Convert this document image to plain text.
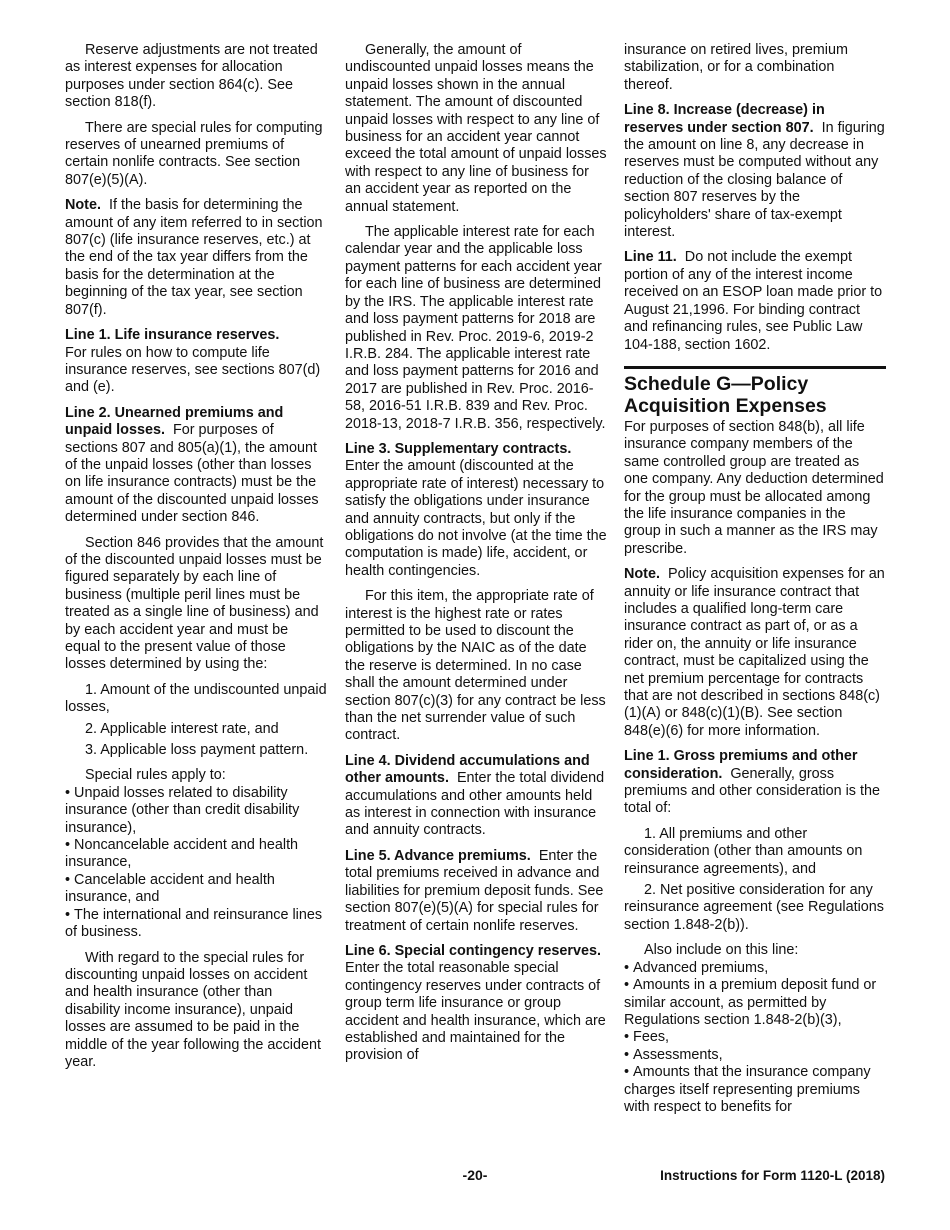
Reserve adjustments are not treated as interest expenses for allocation purposes under section 864(c). See section 818(f).

There are special rules for computing reserves of unearned premiums of certain nonlife contracts. See section 807(e)(5)(A).

Note. If the basis for determining the amount of any item referred to in section 807(c) (life insurance reserves, etc.) at the end of the tax year differs from the basis for the determination at the beginning of the tax year, see section 807(f).

Line 1. Life insurance reserves.
For rules on how to compute life insurance reserves, see sections 807(d) and (e).

Line 2. Unearned premiums and unpaid losses. For purposes of sections 807 and 805(a)(1), the amount of the unpaid losses (other than losses on life insurance contracts) must be the amount of the discounted unpaid losses determined under section 846.

Section 846 provides that the amount of the discounted unpaid losses must be figured separately by each line of business (multiple peril lines must be treated as a single line of business) and by each accident year and must be equal to the present value of those losses determined by using the:

1. Amount of the undiscounted unpaid losses,

2. Applicable interest rate, and

3. Applicable loss payment pattern.

Special rules apply to:

• Unpaid losses related to disability insurance (other than credit disability insurance),
• Noncancelable accident and health insurance,
• Cancelable accident and health insurance, and
• The international and reinsurance lines of business.

With regard to the special rules for discounting unpaid losses on accident and health insurance (other than disability income insurance), unpaid losses are assumed to be paid in the middle of the year following the accident year.

Generally, the amount of undiscounted unpaid losses means the unpaid losses shown in the annual statement. The amount of discounted unpaid losses with respect to any line of business for an accident year cannot exceed the total amount of unpaid losses with respect to any line of business for an accident year as reported on the annual statement.

The applicable interest rate for each calendar year and the applicable loss payment patterns for each accident year for each line of business are determined by the IRS. The applicable interest rate and loss payment patterns for 2018 are published in Rev. Proc. 2019-6, 2019-2 I.R.B. 284. The applicable interest rate and loss payment patterns for 2016 and 2017 are published in Rev. Proc. 2016-58, 2016-51 I.R.B. 839 and Rev. Proc. 2018-13, 2018-7 I.R.B. 356, respectively.

Line 3. Supplementary contracts. Enter the amount (discounted at the appropriate rate of interest) necessary to satisfy the obligations under insurance and annuity contracts, but only if the obligations do not involve (at the time the computation is made) life, accident, or health contingencies.

For this item, the appropriate rate of interest is the highest rate or rates permitted to be used to discount the obligations by the NAIC as of the date the reserve is determined. In no case shall the amount determined under section 807(c)(3) for any contract be less than the net surrender value of such contract.

Line 4. Dividend accumulations and other amounts. Enter the total dividend accumulations and other amounts held as interest in connection with insurance and annuity contracts.

Line 5. Advance premiums. Enter the total premiums received in advance and liabilities for premium deposit funds. See section 807(e)(5)(A) for special rules for treatment of certain nonlife reserves.

Line 6. Special contingency reserves.  Enter the total reasonable special contingency reserves under contracts of group term life insurance or group accident and health insurance, which are established and maintained for the provision of

insurance on retired lives, premium stabilization, or for a combination thereof.

Line 8. Increase (decrease) in reserves under section 807. In figuring the amount on line 8, any decrease in reserves must be computed without any reduction of the closing balance of section 807 reserves by the policyholders' share of tax-exempt interest.

Line 11. Do not include the exempt portion of any of the interest income received on an ESOP loan made prior to August 21,1996. For binding contract and refinancing rules, see Public Law 104-188, section 1602.

Schedule G—Policy Acquisition Expenses

For purposes of section 848(b), all life insurance company members of the same controlled group are treated as one company. Any deduction determined for the group must be allocated among the life insurance companies in the group in such a manner as the IRS may prescribe.

Note. Policy acquisition expenses for an annuity or life insurance contract that includes a qualified long-term care insurance contract as part of, or as a rider on, the annuity or life insurance contract, must be capitalized using the net premium percentage for contracts that are not described in sections 848(c)(1)(A) or 848(c)(1)(B). See section 848(e)(6) for more information.

Line 1. Gross premiums and other consideration. Generally, gross premiums and other consideration is the total of:

1. All premiums and other consideration (other than amounts on reinsurance agreements), and

2. Net positive consideration for any reinsurance agreement (see Regulations section 1.848-2(b)).

Also include on this line:

• Advanced premiums,
• Amounts in a premium deposit fund or similar account, as permitted by Regulations section 1.848-2(b)(3),
• Fees,
• Assessments,
• Amounts that the insurance company charges itself representing premiums with respect to benefits for
-20-	Instructions for Form 1120-L (2018)
